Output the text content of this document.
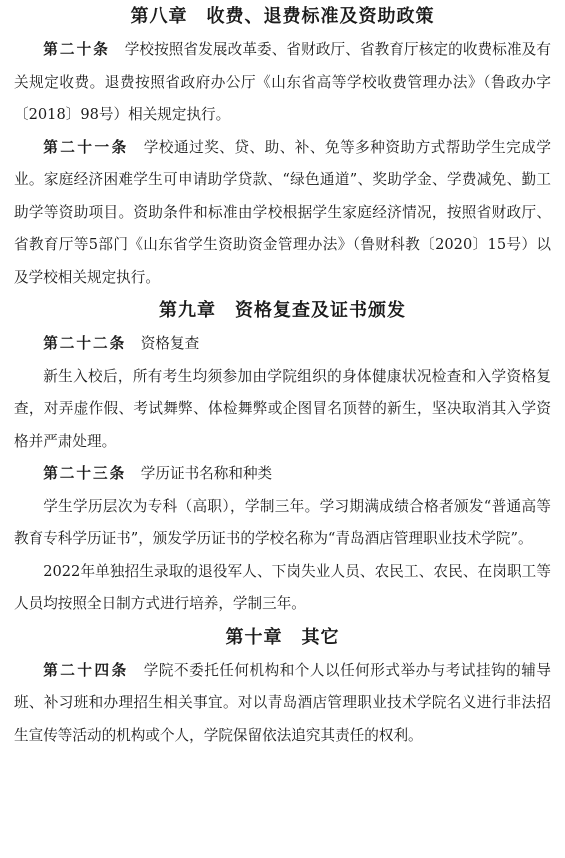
第八章　收费、退费标准及资助政策

第二十条　 学校按照省发展改革委、省财政厅、省教育厅核定的收费标准及有关规定收费。退费按照省政府办公厅《山东省高等学校收费管理办法》（鲁政办字〔2018〕98号）相关规定执行。

第二十一条　 学校通过奖、贷、助、补、免等多种资助方式帮助学生完成学业。家庭经济困难学生可申请助学贷款、“绿色通道”、奖助学金、学费减免、勤工助学等资助项目。资助条件和标准由学校根据学生家庭经济情况，按照省财政厅、省教育厅等5部门《山东省学生资助资金管理办法》（鲁财科教〔2020〕15号）以及学校相关规定执行。

第九章　资格复查及证书颁发

第二十二条　 资格复查

新生入校后，所有考生均须参加由学院组织的身体健康状况检查和入学资格复查，对弄虚作假、考试舞弊、体检舞弊或企图冒名顶替的新生，坚决取消其入学资格并严肃处理。

第二十三条　 学历证书名称和种类

学生学历层次为专科（高职），学制三年。学习期满成绩合格者颁发“普通高等教育专科学历证书”，颁发学历证书的学校名称为“青岛酒店管理职业技术学院”。

2022年单独招生录取的退役军人、下岗失业人员、农民工、农民、在岗职工等人员均按照全日制方式进行培养，学制三年。

第十章　其它

第二十四条　 学院不委托任何机构和个人以任何形式举办与考试挂钩的辅导班、补习班和办理招生相关事宜。对以青岛酒店管理职业技术学院名义进行非法招生宣传等活动的机构或个人，学院保留依法追究其责任的权利。
